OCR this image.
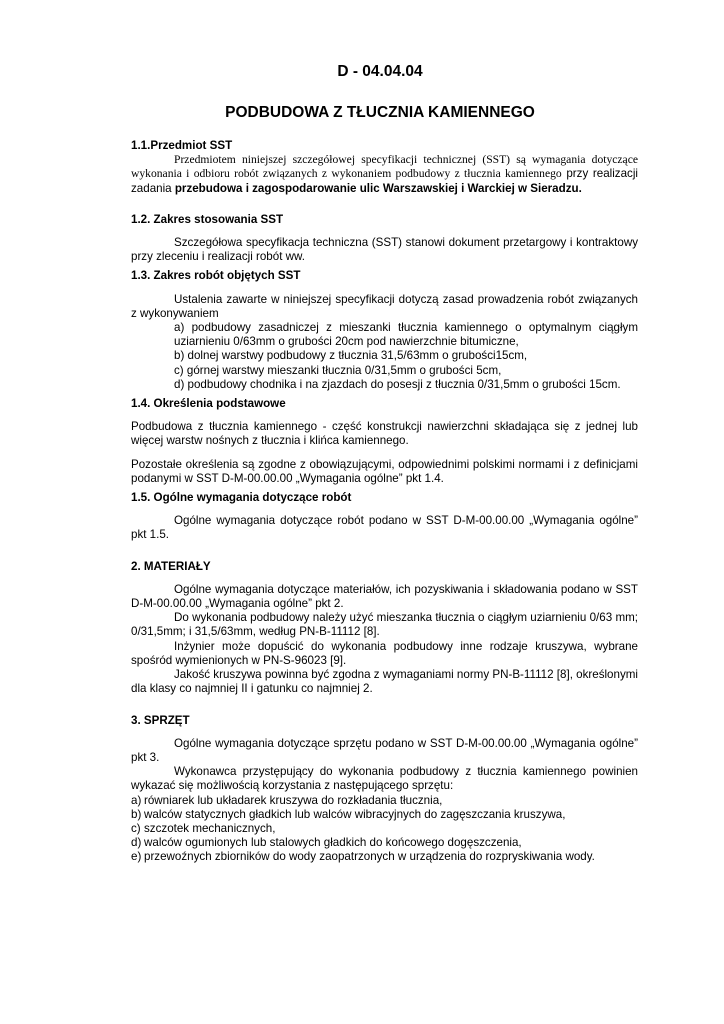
D - 04.04.04
PODBUDOWA Z TŁUCZNIA KAMIENNEGO
1.1.Przedmiot SST

Przedmiotem niniejszej szczegółowej specyfikacji technicznej (SST) są wymagania dotyczące wykonania i odbioru robót związanych z wykonaniem podbudowy z tłucznia kamiennego przy realizacji zadania przebudowa i zagospodarowanie ulic Warszawskiej i Warckiej w Sieradzu.

1.2. Zakres stosowania SST

Szczegółowa specyfikacja techniczna (SST) stanowi dokument przetargowy i kontraktowy przy zleceniu i realizacji robót ww.

1.3. Zakres robót objętych SST

Ustalenia zawarte w niniejszej specyfikacji dotyczą zasad prowadzenia robót związanych z wykonywaniem

a) podbudowy zasadniczej z mieszanki tłucznia kamiennego o optymalnym ciągłym uziarnieniu 0/63mm o grubości 20cm pod nawierzchnie bitumiczne,

b) dolnej warstwy podbudowy z tłucznia 31,5/63mm o grubości15cm,

c) górnej warstwy mieszanki tłucznia 0/31,5mm o grubości 5cm,

d) podbudowy chodnika i na zjazdach do posesji z tłucznia 0/31,5mm o grubości 15cm.

1.4. Określenia podstawowe

Podbudowa z tłucznia kamiennego - część konstrukcji nawierzchni składająca się z jednej lub więcej warstw nośnych z tłucznia i klińca kamiennego.

Pozostałe określenia są zgodne z obowiązującymi, odpowiednimi polskimi normami i z definicjami podanymi w SST D-M-00.00.00 „Wymagania ogólne” pkt 1.4.

1.5. Ogólne wymagania dotyczące robót

Ogólne wymagania dotyczące robót podano w SST D-M-00.00.00 „Wymagania ogólne” pkt 1.5.

2. MATERIAŁY

Ogólne wymagania dotyczące materiałów, ich pozyskiwania i składowania podano w SST D-M-00.00.00 „Wymagania ogólne” pkt 2.

Do wykonania podbudowy należy użyć mieszanka tłucznia o ciągłym uziarnieniu 0/63 mm; 0/31,5mm; i 31,5/63mm, według PN-B-11112 [8].

Inżynier może dopuścić do wykonania podbudowy inne rodzaje kruszywa, wybrane spośród wymienionych w PN-S-96023 [9].

Jakość kruszywa powinna być zgodna z wymaganiami normy PN-B-11112 [8], określonymi dla klasy co najmniej II i gatunku co najmniej 2.

3. SPRZĘT

Ogólne wymagania dotyczące sprzętu podano w SST D-M-00.00.00 „Wymagania ogólne” pkt 3.

Wykonawca przystępujący do wykonania podbudowy z tłucznia kamiennego powinien wykazać się możliwością korzystania z następującego sprzętu:

a) równiarek lub układarek kruszywa do rozkładania tłucznia,
b) walców statycznych gładkich lub walców wibracyjnych do zagęszczania kruszywa,
c) szczotek mechanicznych,
d) walców ogumionych lub stalowych gładkich do końcowego dogęszczenia,
e) przewoźnych zbiorników do wody zaopatrzonych w urządzenia do rozpryskiwania wody.
